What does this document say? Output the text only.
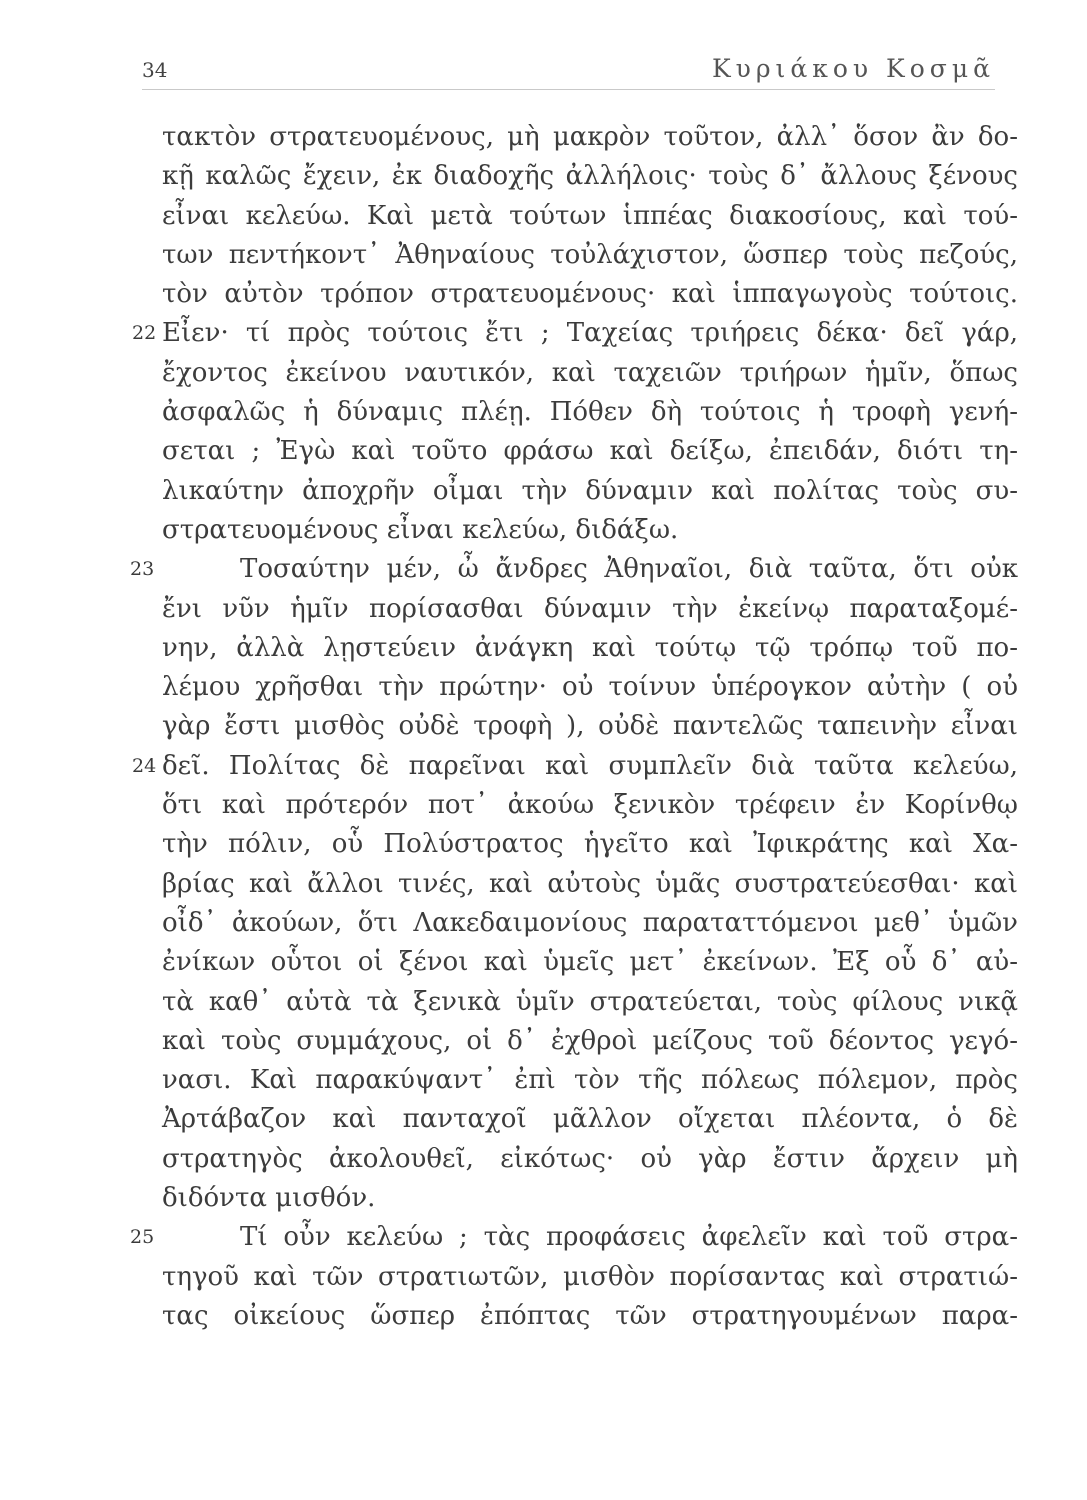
34	Κυριάκου Κοσμᾶ
τακτὸν στρατευομένους, μὴ μακρὸν τοῦτον, ἀλλ᾽ ὅσον ἂν δο-
κῇ καλῶς ἔχειν, ἐκ διαδοχῆς ἀλλήλοις· τοὺς δ᾽ ἄλλους ξένους
εἶναι κελεύω. Καὶ μετὰ τούτων ἱππέας διακοσίους, καὶ τού-
των πεντήκοντ᾽ Ἀθηναίους τοὐλάχιστον, ὥσπερ τοὺς πεζούς,
τὸν αὐτὸν τρόπον στρατευομένους· καὶ ἱππαγωγοὺς τούτοις.
22 Εἶεν· τί πρὸς τούτοις ἔτι ; Ταχείας τριήρεις δέκα· δεῖ γάρ,
ἔχοντος ἐκείνου ναυτικόν, καὶ ταχειῶν τριήρων ἡμῖν, ὅπως
ἀσφαλῶς ἡ δύναμις πλέῃ. Πόθεν δὴ τούτοις ἡ τροφὴ γενή-
σεται ; Ἐγὼ καὶ τοῦτο φράσω καὶ δείξω, ἐπειδάν, διότι τη-
λικαύτην ἀποχρῆν οἶμαι τὴν δύναμιν καὶ πολίτας τοὺς συ-
στρατευομένους εἶναι κελεύω, διδάξω.
23	Τοσαύτην μέν, ὦ ἄνδρες Ἀθηναῖοι, διὰ ταῦτα, ὅτι οὐκ
ἔνι νῦν ἡμῖν πορίσασθαι δύναμιν τὴν ἐκείνῳ παραταξομέ-
νην, ἀλλὰ λῃστεύειν ἀνάγκη καὶ τούτῳ τῷ τρόπῳ τοῦ πο-
λέμου χρῆσθαι τὴν πρώτην· οὐ τοίνυν ὑπέρογκον αὐτὴν ( οὐ
γὰρ ἔστι μισθὸς οὐδὲ τροφὴ ), οὐδὲ παντελῶς ταπεινὴν εἶναι
24 δεῖ. Πολίτας δὲ παρεῖναι καὶ συμπλεῖν διὰ ταῦτα κελεύω,
ὅτι καὶ πρότερόν ποτ᾽ ἀκούω ξενικὸν τρέφειν ἐν Κορίνθῳ
τὴν πόλιν, οὗ Πολύστρατος ἡγεῖτο καὶ Ἰφικράτης καὶ Χα-
βρίας καὶ ἄλλοι τινές, καὶ αὐτοὺς ὑμᾶς συστρατεύεσθαι· καὶ
οἶδ᾽ ἀκούων, ὅτι Λακεδαιμονίους παραταττόμενοι μεθ᾽ ὑμῶν
ἐνίκων οὗτοι οἱ ξένοι καὶ ὑμεῖς μετ᾽ ἐκείνων. Ἐξ οὗ δ᾽ αὐ-
τὰ καθ᾽ αὑτὰ τὰ ξενικὰ ὑμῖν στρατεύεται, τοὺς φίλους νικᾷ
καὶ τοὺς συμμάχους, οἱ δ᾽ ἐχθροὶ μείζους τοῦ δέοντος γεγό-
νασι. Καὶ παρακύψαντ᾽ ἐπὶ τὸν τῆς πόλεως πόλεμον, πρὸς
Ἀρτάβαζον καὶ πανταχοῖ μᾶλλον οἴχεται πλέοντα, ὁ δὲ
στρατηγὸς ἀκολουθεῖ, εἰκότως· οὐ γὰρ ἔστιν ἄρχειν μὴ
διδόντα μισθόν.
25	Τί οὖν κελεύω ; τὰς προφάσεις ἀφελεῖν καὶ τοῦ στρα-
τηγοῦ καὶ τῶν στρατιωτῶν, μισθὸν πορίσαντας καὶ στρατιώ-
τας οἰκείους ὥσπερ ἐπόπτας τῶν στρατηγουμένων παρα-
